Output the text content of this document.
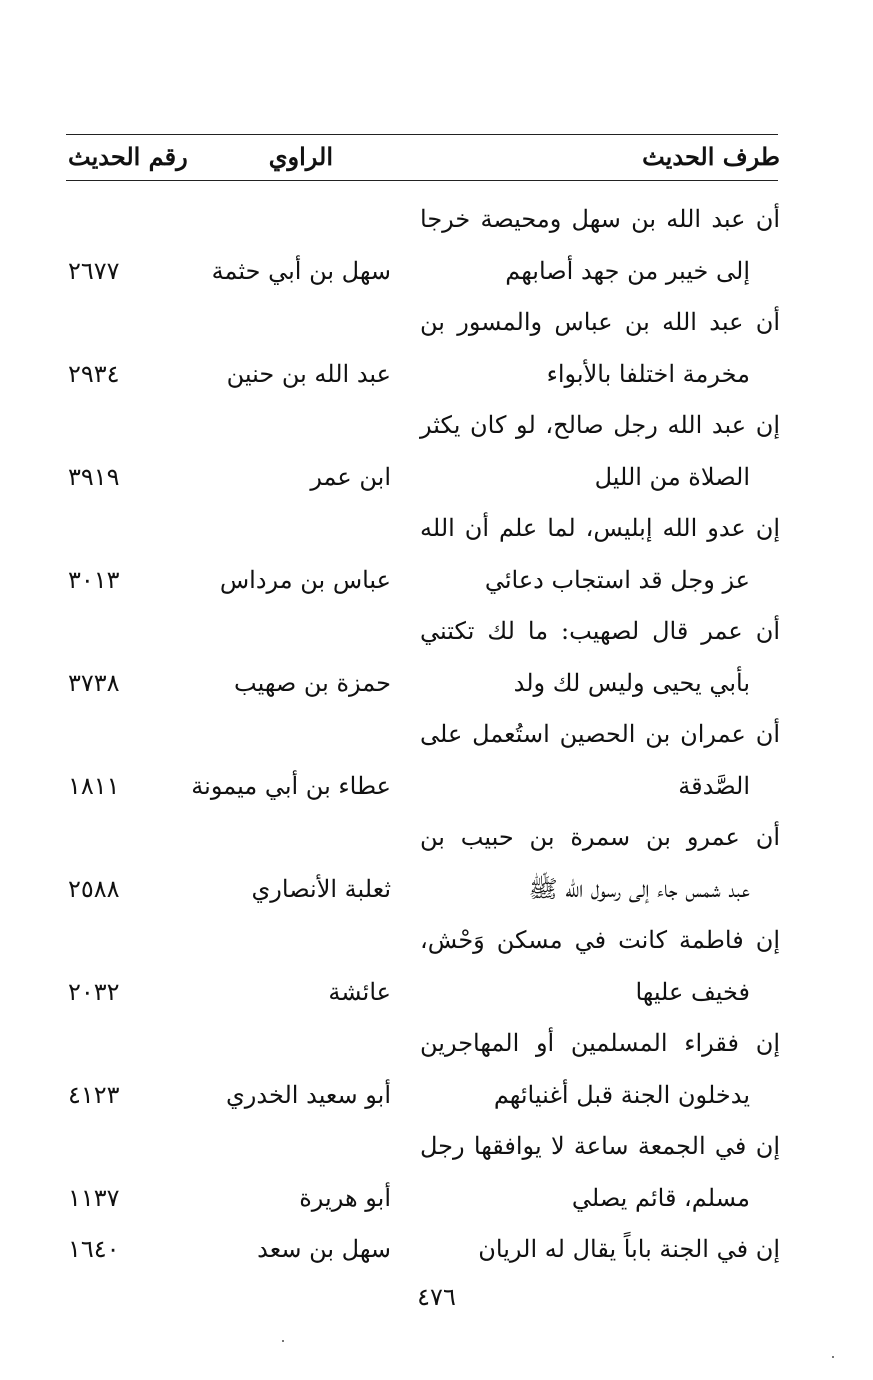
طرف الحديث
الراوي
رقم الحديث
أن عبد الله بن سهل ومحيصة خرجا
إلى خيبر من جهد أصابهم
سهل بن أبي حثمة
٢٦٧٧
أن عبد الله بن عباس والمسور بن
مخرمة اختلفا بالأبواء
عبد الله بن حنين
٢٩٣٤
إن عبد الله رجل صالح، لو كان يكثر
الصلاة من الليل
ابن عمر
٣٩١٩
إن عدو الله إبليس، لما علم أن الله
عز وجل قد استجاب دعائي
عباس بن مرداس
٣٠١٣
أن عمر قال لصهيب: ما لك تكتني
بأبي يحيى وليس لك ولد
حمزة بن صهيب
٣٧٣٨
أن عمران بن الحصين استُعمل على
الصَّدقة
عطاء بن أبي ميمونة
١٨١١
أن عمرو بن سمرة بن حبيب بن
عبد شمس جاء إلى رسول الله ﷺ
ثعلبة الأنصاري
٢٥٨٨
إن فاطمة كانت في مسكن وَحْش،
فخيف عليها
عائشة
٢٠٣٢
إن فقراء المسلمين أو المهاجرين
يدخلون الجنة قبل أغنيائهم
أبو سعيد الخدري
٤١٢٣
إن في الجمعة ساعة لا يوافقها رجل
مسلم، قائم يصلي
أبو هريرة
١١٣٧
إن في الجنة باباً يقال له الريان
سهل بن سعد
١٦٤٠
٤٧٦
